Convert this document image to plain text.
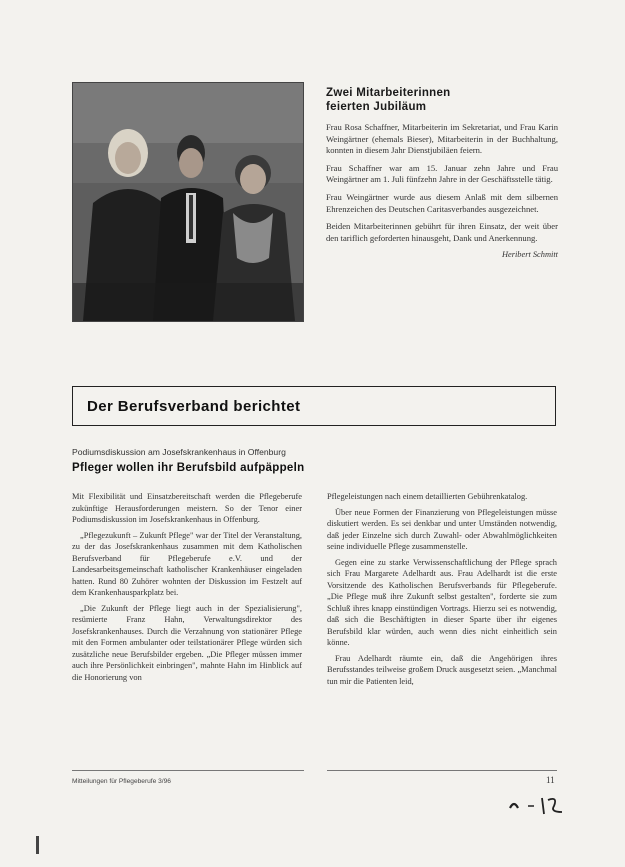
Zwei Mitarbeiterinnen
feierten Jubiläum

Frau Rosa Schaffner, Mitarbeiterin im Sekretariat, und Frau Karin Weingärtner (ehemals Bieser), Mitarbeiterin in der Buchhaltung, konnten in diesem Jahr Dienstjubiläen feiern.

Frau Schaffner war am 15. Januar zehn Jahre und Frau Weingärtner am 1. Juli fünfzehn Jahre in der Geschäftsstelle tätig.

Frau Weingärtner wurde aus diesem Anlaß mit dem silbernen Ehrenzeichen des Deutschen Caritasverbandes ausgezeichnet.

Beiden Mitarbeiterinnen gebührt für ihren Einsatz, der weit über den tariflich geforderten hinausgeht, Dank und Anerkennung.

Heribert Schmitt
Der Berufsverband berichtet
Podiumsdiskussion am Josefskrankenhaus in Offenburg
Pfleger wollen ihr Berufsbild aufpäppeln

Mit Flexibilität und Einsatzbereitschaft werden die Pflegeberufe zukünftige Herausforderungen meistern. So der Tenor einer Podiumsdiskussion im Josefskrankenhaus in Offenburg.

„Pflegezukunft – Zukunft Pflege" war der Titel der Veranstaltung, zu der das Josefskrankenhaus zusammen mit dem Katholischen Berufsverband für Pflegeberufe e.V. und der Landesarbeitsgemeinschaft katholischer Krankenhäuser eingeladen hatten. Rund 80 Zuhörer wohnten der Diskussion im Festzelt auf dem Krankenhausparkplatz bei.

„Die Zukunft der Pflege liegt auch in der Spezialisierung", resümierte Franz Hahn, Verwaltungsdirektor des Josefskrankenhauses. Durch die Verzahnung von stationärer Pflege mit den Formen ambulanter oder teilstationärer Pflege würden sich zusätzliche neue Berufsbilder ergeben. „Die Pfleger müssen immer auch ihre Persönlichkeit einbringen", mahnte Hahn im Hinblick auf die Honorierung von

Pflegeleistungen nach einem detaillierten Gebührenkatalog.

Über neue Formen der Finanzierung von Pflegeleistungen müsse diskutiert werden. Es sei denkbar und unter Umständen notwendig, daß jeder Einzelne sich durch Zuwahl- oder Abwahlmöglichkeiten seine individuelle Pflege zusammenstelle.

Gegen eine zu starke Verwissenschaftlichung der Pflege sprach sich Frau Margarete Adelhardt aus. Frau Adelhardt ist die erste Vorsitzende des Katholischen Berufsverbands für Pflegeberufe. „Die Pflege muß ihre Zukunft selbst gestalten", forderte sie zum Schluß ihres knapp einstündigen Vortrags. Hierzu sei es notwendig, daß sich die Beschäftigten in dieser Sparte über ihr eigenes Berufsbild klar würden, auch wenn dies nicht einheitlich sein könne.

Frau Adelhardt räumte ein, daß die Angehörigen ihres Berufsstandes teilweise großem Druck ausgesetzt seien. „Manchmal tun mir die Patienten leid,

Mitteilungen für Pflegeberufe 3/96	11
